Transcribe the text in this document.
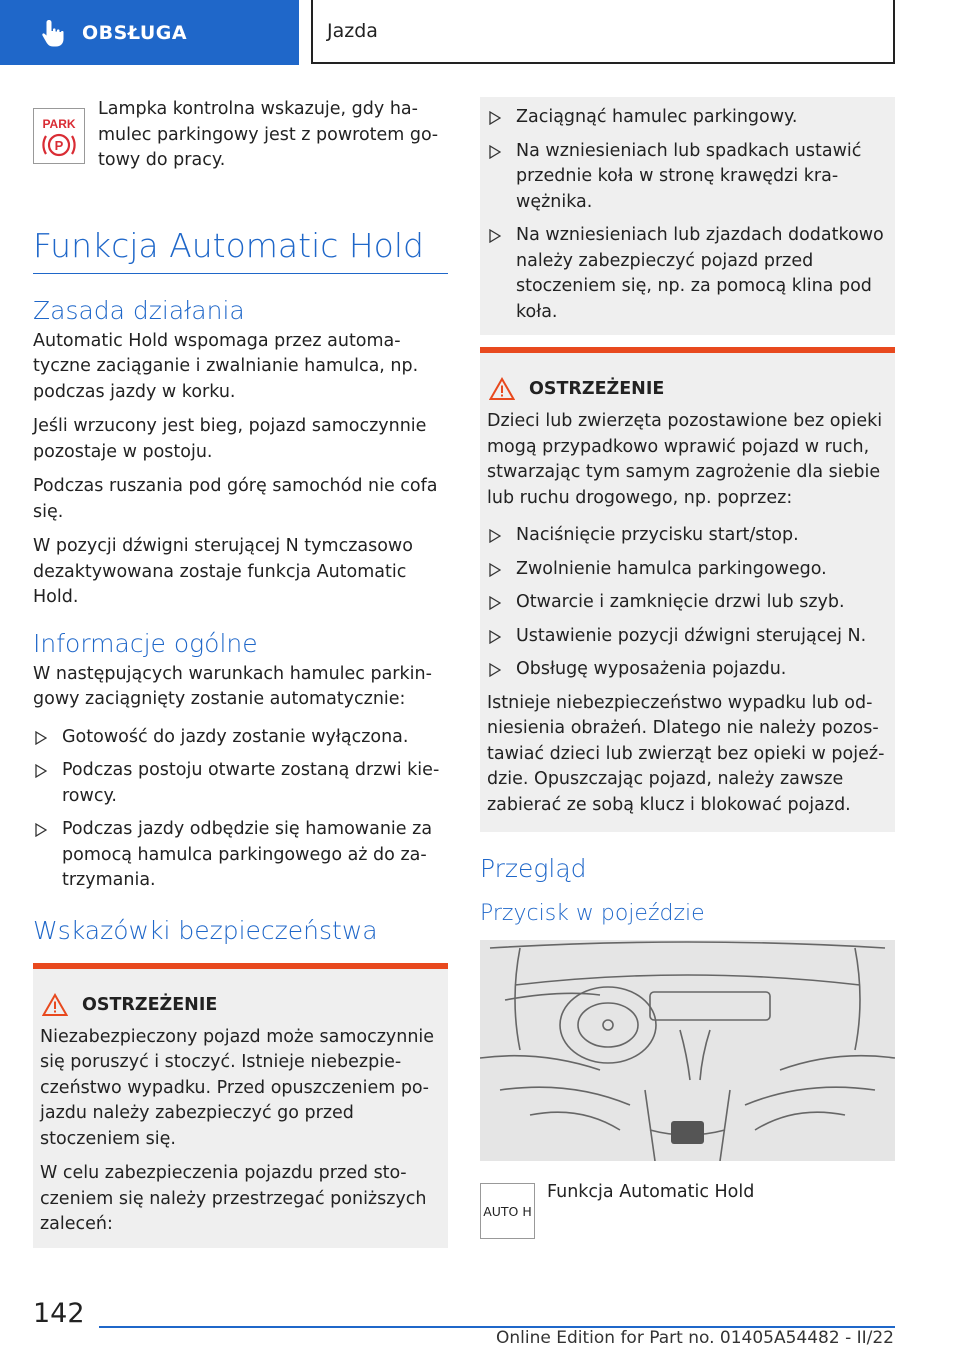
OBSŁUGA	Jazda
PARK
P

Lampka kontrolna wskazuje, gdy hamulec parkingowy jest z powrotem gotowy do pracy.

Funkcja Automatic Hold
Zasada działania

Automatic Hold wspomaga przez automatyczne zaciąganie i zwalnianie hamulca, np. podczas jazdy w korku.

Jeśli wrzucony jest bieg, pojazd samoczynnie pozostaje w postoju.

Podczas ruszania pod górę samochód nie cofa się.

W pozycji dźwigni sterującej N tymczasowo dezaktywowana zostaje funkcja Automatic Hold.

Informacje ogólne

W następujących warunkach hamulec parkingowy zaciągnięty zostanie automatycznie:

Gotowość do jazdy zostanie wyłączona.
Podczas postoju otwarte zostaną drzwi kierowcy.
Podczas jazdy odbędzie się hamowanie za pomocą hamulca parkingowego aż do zatrzymania.
Wskazówki bezpieczeństwa
OSTRZEŻENIE

Niezabezpieczony pojazd może samoczynnie się poruszyć i stoczyć. Istnieje niebezpieczeństwo wypadku. Przed opuszczeniem pojazdu należy zabezpieczyć go przed stoczeniem się.

W celu zabezpieczenia pojazdu przed stoczeniem się należy przestrzegać poniższych zaleceń:

Zaciągnąć hamulec parkingowy.
Na wzniesieniach lub spadkach ustawić przednie koła w stronę krawędzi krawężnika.
Na wzniesieniach lub zjazdach dodatkowo należy zabezpieczyć pojazd przed stoczeniem się, np. za pomocą klina pod koła.
OSTRZEŻENIE

Dzieci lub zwierzęta pozostawione bez opieki mogą przypadkowo wprawić pojazd w ruch, stwarzając tym samym zagrożenie dla siebie lub ruchu drogowego, np. poprzez:

Naciśnięcie przycisku start/stop.
Zwolnienie hamulca parkingowego.
Otwarcie i zamknięcie drzwi lub szyb.
Ustawienie pozycji dźwigni sterującej N.
Obsługę wyposażenia pojazdu.

Istnieje niebezpieczeństwo wypadku lub odniesienia obrażeń. Dlatego nie należy pozostawiać dzieci lub zwierząt bez opieki w pojeździe. Opuszczając pojazd, należy zawsze zabierać ze sobą klucz i blokować pojazd.

Przegląd
Przycisk w pojeździe
AUTO H
Funkcja Automatic Hold
142
Online Edition for Part no. 01405A54482 - II/22
